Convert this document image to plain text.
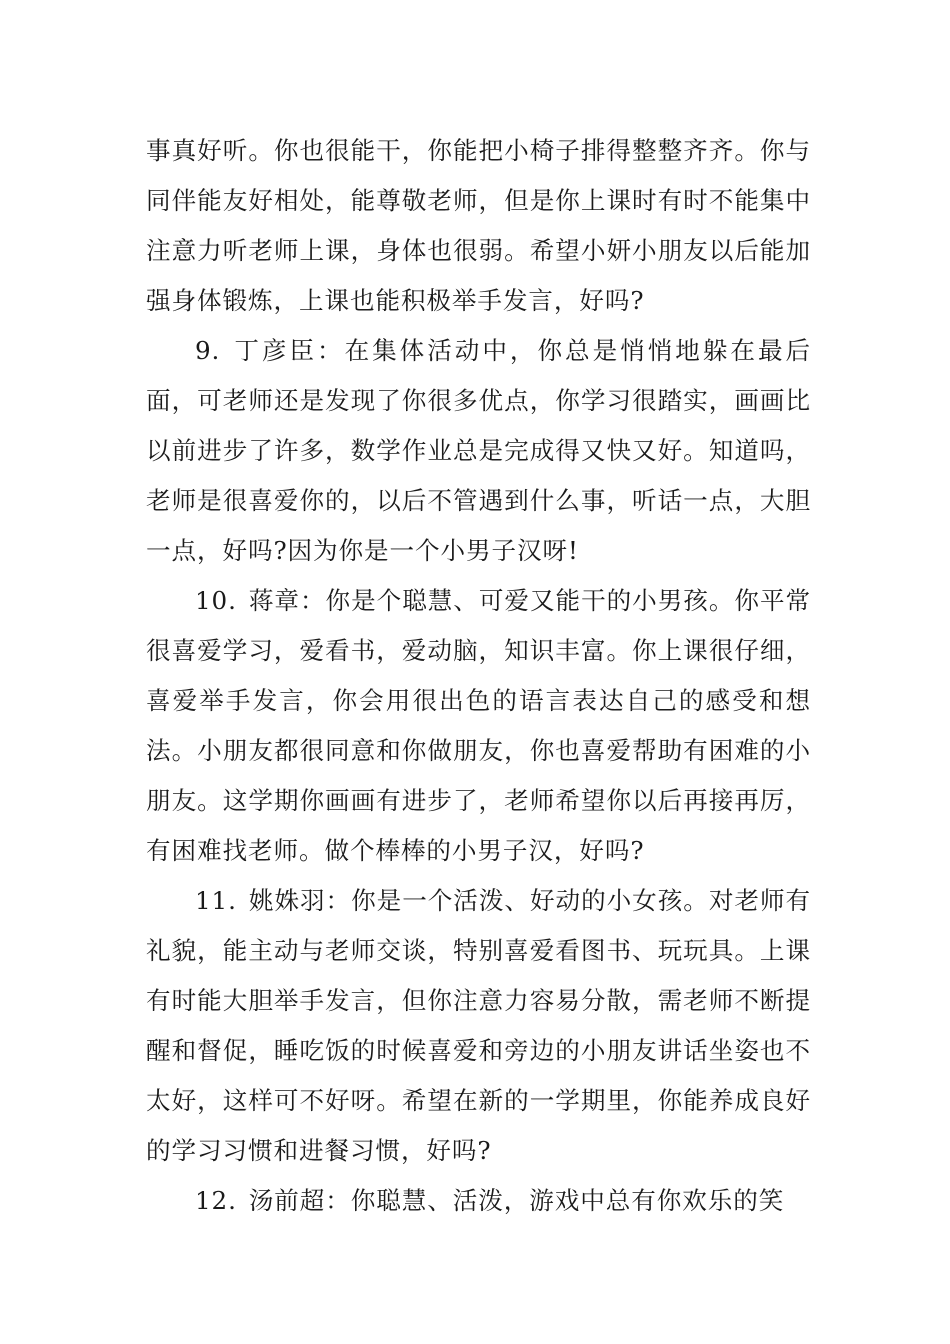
事真好听。你也很能干，你能把小椅子排得整整齐齐。你与同伴能友好相处，能尊敬老师，但是你上课时有时不能集中注意力听老师上课，身体也很弱。希望小妍小朋友以后能加强身体锻炼，上课也能积极举手发言，好吗?

9. 丁彦臣：在集体活动中，你总是悄悄地躲在最后面，可老师还是发现了你很多优点，你学习很踏实，画画比以前进步了许多，数学作业总是完成得又快又好。知道吗，老师是很喜爱你的，以后不管遇到什么事，听话一点，大胆一点，好吗?因为你是一个小男子汉呀!

10. 蒋章：你是个聪慧、可爱又能干的小男孩。你平常很喜爱学习，爱看书，爱动脑，知识丰富。你上课很仔细，喜爱举手发言，你会用很出色的语言表达自己的感受和想法。小朋友都很同意和你做朋友，你也喜爱帮助有困难的小朋友。这学期你画画有进步了，老师希望你以后再接再厉，有困难找老师。做个棒棒的小男子汉，好吗?

11. 姚姝羽：你是一个活泼、好动的小女孩。对老师有礼貌，能主动与老师交谈，特别喜爱看图书、玩玩具。上课有时能大胆举手发言，但你注意力容易分散，需老师不断提醒和督促，睡吃饭的时候喜爱和旁边的小朋友讲话坐姿也不太好，这样可不好呀。希望在新的一学期里，你能养成良好的学习习惯和进餐习惯，好吗?

12. 汤前超：你聪慧、活泼，游戏中总有你欢乐的笑
